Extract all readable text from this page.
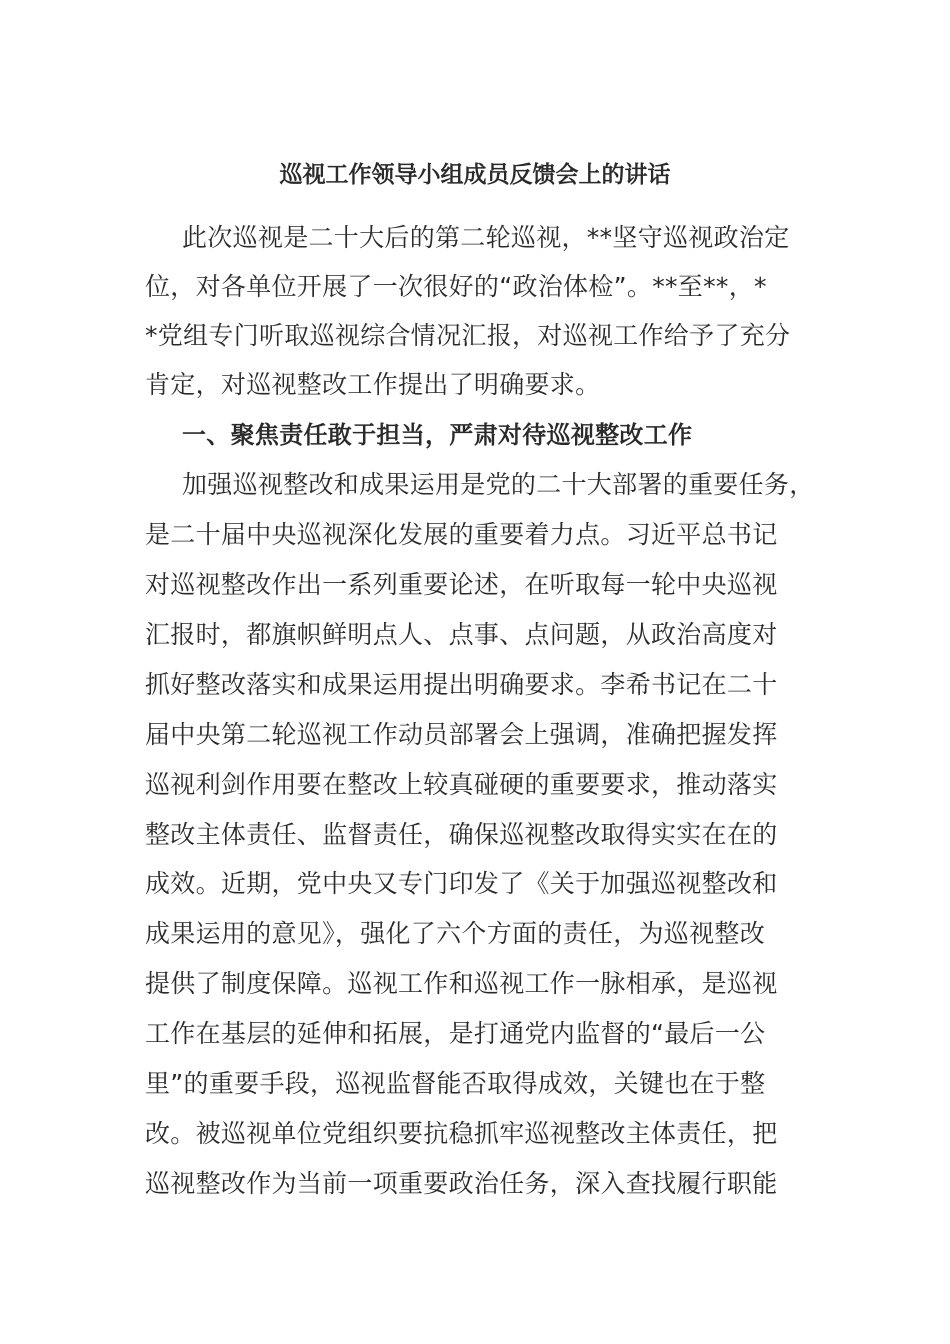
巡视工作领导小组成员反馈会上的讲话
此次巡视是二十大后的第二轮巡视，**坚守巡视政治定
位，对各单位开展了一次很好的“政治体检”。**至**，*
*党组专门听取巡视综合情况汇报，对巡视工作给予了充分
肯定，对巡视整改工作提出了明确要求。
一、聚焦责任敢于担当，严肃对待巡视整改工作
加强巡视整改和成果运用是党的二十大部署的重要任务，
是二十届中央巡视深化发展的重要着力点。习近平总书记
对巡视整改作出一系列重要论述，在听取每一轮中央巡视
汇报时，都旗帜鲜明点人、点事、点问题，从政治高度对
抓好整改落实和成果运用提出明确要求。李希书记在二十
届中央第二轮巡视工作动员部署会上强调，准确把握发挥
巡视利剑作用要在整改上较真碰硬的重要要求，推动落实
整改主体责任、监督责任，确保巡视整改取得实实在在的
成效。近期，党中央又专门印发了《关于加强巡视整改和
成果运用的意见》，强化了六个方面的责任，为巡视整改
提供了制度保障。巡视工作和巡视工作一脉相承，是巡视
工作在基层的延伸和拓展，是打通党内监督的“最后一公
里”的重要手段，巡视监督能否取得成效，关键也在于整
改。被巡视单位党组织要抗稳抓牢巡视整改主体责任，把
巡视整改作为当前一项重要政治任务，深入查找履行职能
